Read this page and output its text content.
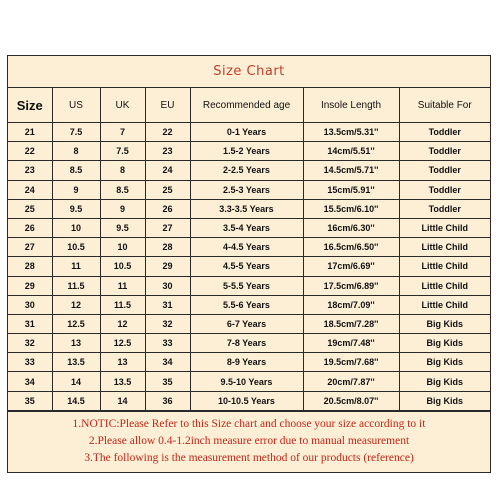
Size Chart
Size	US	UK	EU	Recommended age	Insole Length	Suitable For
21	7.5	7	22	0-1 Years	13.5cm/5.31''	Toddler
22	8	7.5	23	1.5-2 Years	14cm/5.51''	Toddler
23	8.5	8	24	2-2.5 Years	14.5cm/5.71''	Toddler
24	9	8.5	25	2.5-3 Years	15cm/5.91''	Toddler
25	9.5	9	26	3.3-3.5 Years	15.5cm/6.10''	Toddler
26	10	9.5	27	3.5-4 Years	16cm/6.30''	Little Child
27	10.5	10	28	4-4.5 Years	16.5cm/6.50''	Little Child
28	11	10.5	29	4.5-5 Years	17cm/6.69''	Little Child
29	11.5	11	30	5-5.5 Years	17.5cm/6.89''	Little Child
30	12	11.5	31	5.5-6 Years	18cm/7.09''	Little Child
31	12.5	12	32	6-7 Years	18.5cm/7.28''	Big Kids
32	13	12.5	33	7-8 Years	19cm/7.48''	Big Kids
33	13.5	13	34	8-9 Years	19.5cm/7.68''	Big Kids
34	14	13.5	35	9.5-10 Years	20cm/7.87''	Big Kids
35	14.5	14	36	10-10.5 Years	20.5cm/8.07''	Big Kids
1.NOTIC:Please Refer to this Size chart and choose your size according to it
2.Please allow 0.4-1.2inch measure error due to manual measurement
3.The following is the measurement method of our products (reference)
